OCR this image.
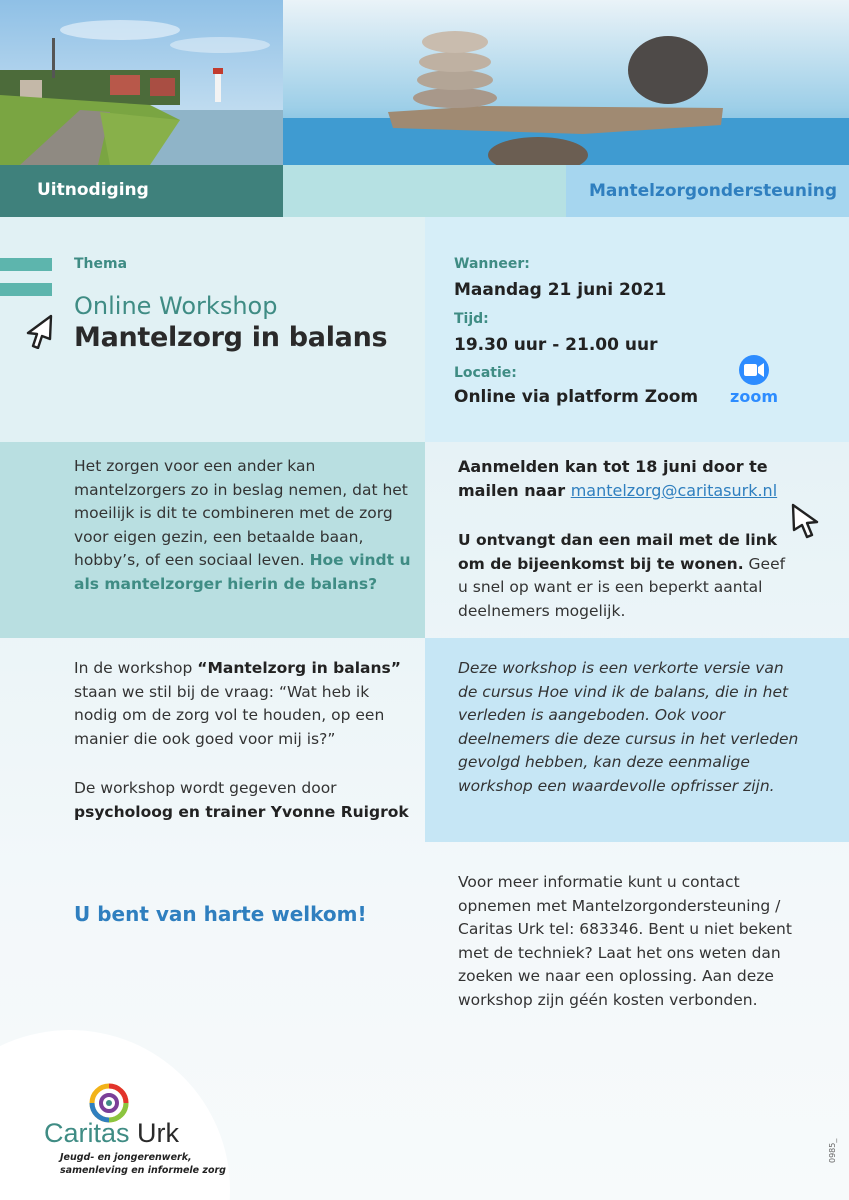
Uitnodiging	Mantelzorgondersteuning
Thema
Online Workshop
Mantelzorg in balans
Wanneer:
Maandag 21 juni 2021
Tijd:
19.30 uur - 21.00 uur
Locatie:
Online via platform Zoom zoom
Het zorgen voor een ander kan mantelzorgers zo in beslag nemen, dat het moeilijk is dit te combineren met de zorg voor eigen gezin, een betaalde baan, hobby’s, of een sociaal leven. Hoe vindt u als mantelzorger hierin de balans?
Aanmelden kan tot 18 juni door te mailen naar mantelzorg@caritasurk.nl
U ontvangt dan een mail met de link om de bijeenkomst bij te wonen. Geef u snel op want er is een beperkt aantal deelnemers mogelijk.
In de workshop “Mantelzorg in balans” staan we stil bij de vraag: “Wat heb ik nodig om de zorg vol te houden, op een manier die ook goed voor mij is?”
De workshop wordt gegeven door
psycholoog en trainer Yvonne Ruigrok
Deze workshop is een verkorte versie van de cursus Hoe vind ik de balans, die in het verleden is aangeboden. Ook voor deelnemers die deze cursus in het verleden gevolgd hebben, kan deze eenmalige workshop een waardevolle opfrisser zijn.
U bent van harte welkom!
Voor meer informatie kunt u contact opnemen met Mantelzorgondersteuning / Caritas Urk tel: 683346. Bent u niet bekent met de techniek? Laat het ons weten dan zoeken we naar een oplossing. Aan deze workshop zijn géén kosten verbonden.
Caritas Urk
Jeugd- en jongerenwerk,
samenleving en informele zorg
0985_
